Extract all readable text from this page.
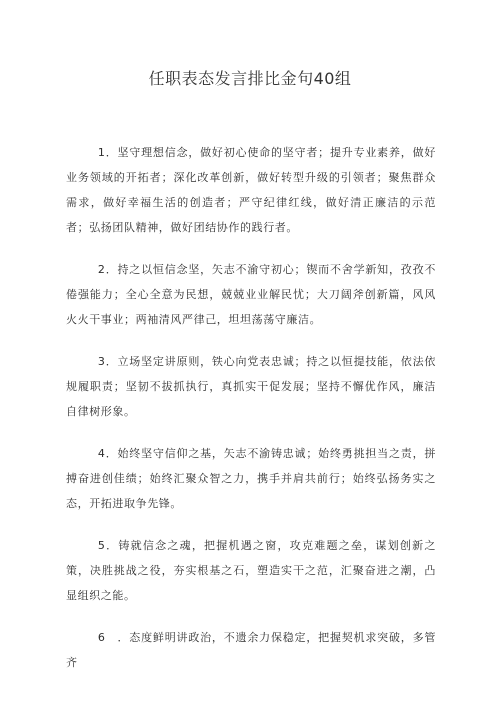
任职表态发言排比金句40组

1．坚守理想信念，做好初心使命的坚守者；提升专业素养，做好业务领域的开拓者；深化改革创新，做好转型升级的引领者；聚焦群众需求，做好幸福生活的创造者；严守纪律红线，做好清正廉洁的示范者；弘扬团队精神，做好团结协作的践行者。

2．持之以恒信念坚，矢志不渝守初心；锲而不舍学新知，孜孜不倦强能力；全心全意为民想，兢兢业业解民忧；大刀阔斧创新篇，风风火火干事业；两袖清风严律己，坦坦荡荡守廉洁。

3．立场坚定讲原则，铁心向党表忠诚；持之以恒提技能，依法依规履职责；坚韧不拔抓执行，真抓实干促发展；坚持不懈优作风，廉洁自律树形象。

4．始终坚守信仰之基，矢志不渝铸忠诚；始终勇挑担当之责，拼搏奋进创佳绩；始终汇聚众智之力，携手并肩共前行；始终弘扬务实之态，开拓进取争先锋。

5．铸就信念之魂，把握机遇之窗，攻克难题之垒，谋划创新之策，决胜挑战之役，夯实根基之石，塑造实干之范，汇聚奋进之潮，凸显组织之能。

6　．态度鲜明讲政治，不遗余力保稳定，把握契机求突破，多管齐
